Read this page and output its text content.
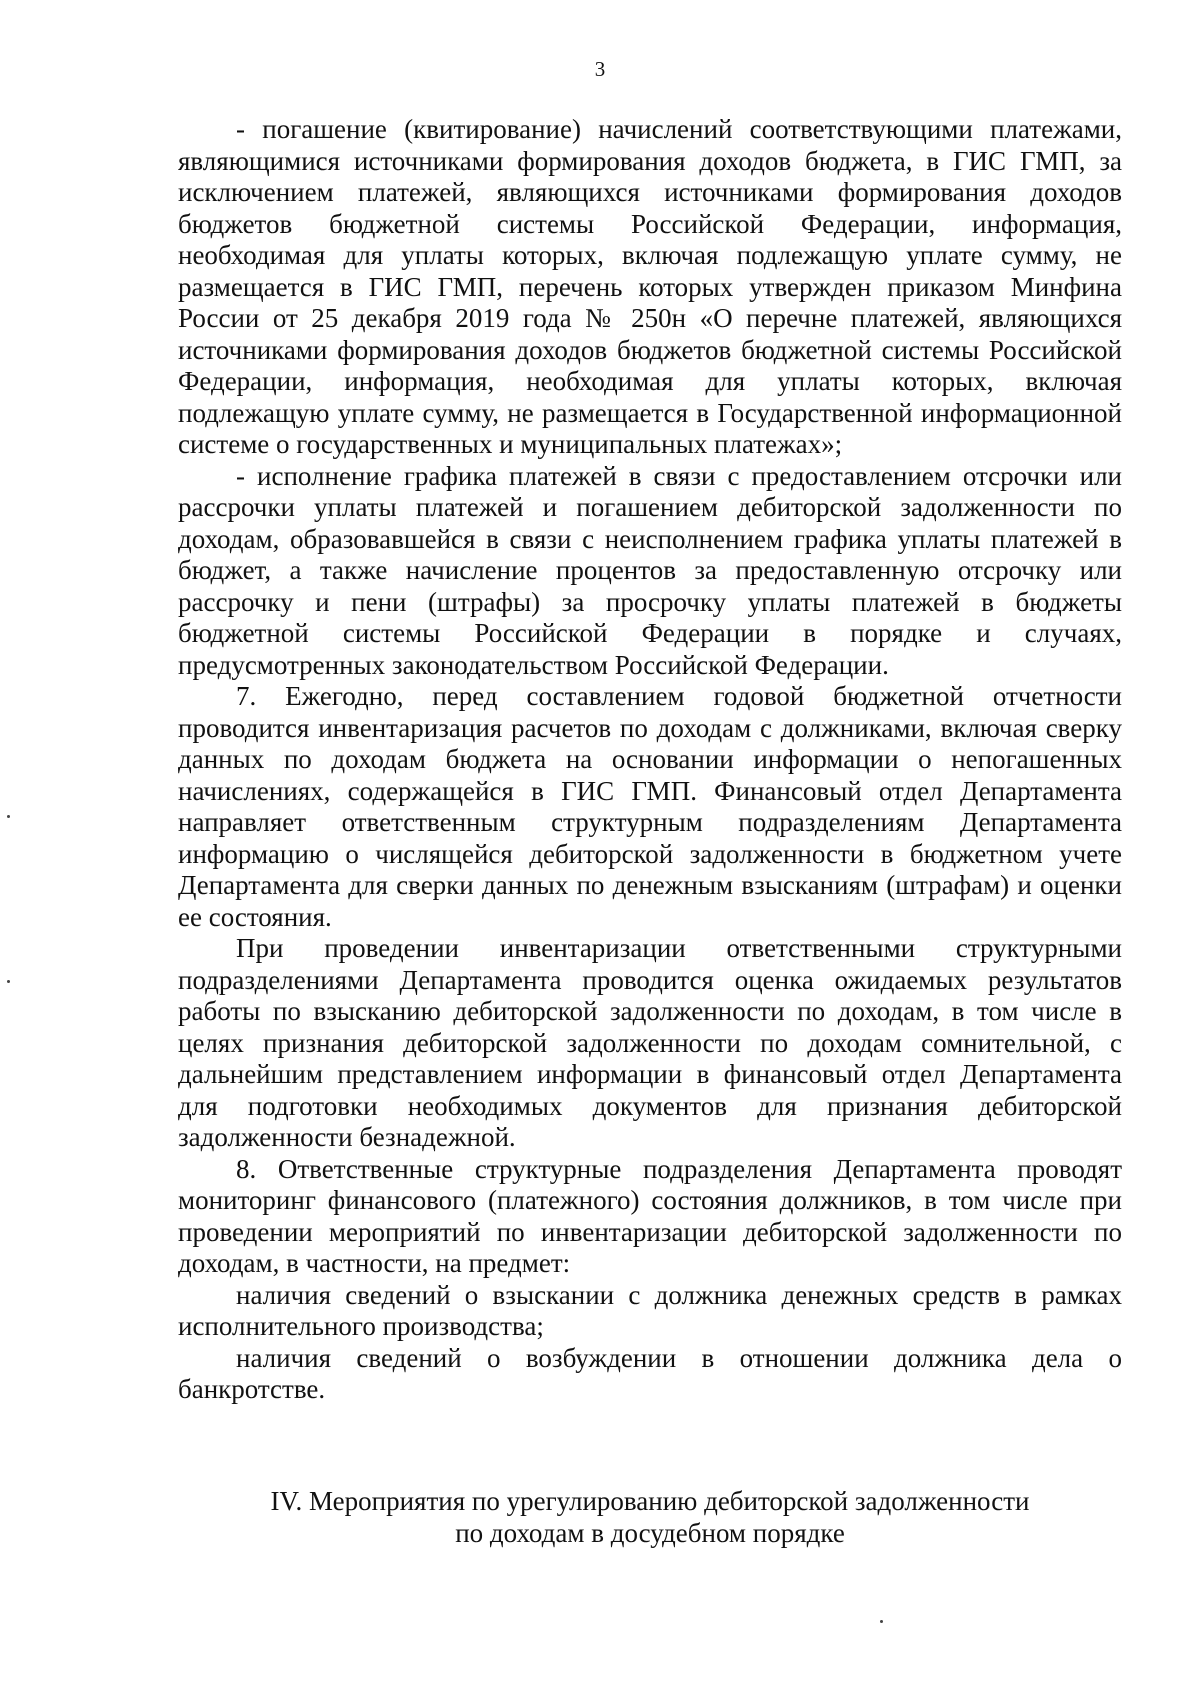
3

- погашение (квитирование) начислений соответствующими платежами, являющимися источниками формирования доходов бюджета, в ГИС ГМП, за исключением платежей, являющихся источниками формирования доходов бюджетов бюджетной системы Российской Федерации, информация, необходимая для уплаты которых, включая подлежащую уплате сумму, не размещается в ГИС ГМП, перечень которых утвержден приказом Минфина России от 25 декабря 2019 года № 250н «О перечне платежей, являющихся источниками формирования доходов бюджетов бюджетной системы Российской Федерации, информация, необходимая для уплаты которых, включая подлежащую уплате сумму, не размещается в Государственной информационной системе о государственных и муниципальных платежах»;

- исполнение графика платежей в связи с предоставлением отсрочки или рассрочки уплаты платежей и погашением дебиторской задолженности по доходам, образовавшейся в связи с неисполнением графика уплаты платежей в бюджет, а также начисление процентов за предоставленную отсрочку или рассрочку и пени (штрафы) за просрочку уплаты платежей в бюджеты бюджетной системы Российской Федерации в порядке и случаях, предусмотренных законодательством Российской Федерации.

7. Ежегодно, перед составлением годовой бюджетной отчетности проводится инвентаризация расчетов по доходам с должниками, включая сверку данных по доходам бюджета на основании информации о непогашенных начислениях, содержащейся в ГИС ГМП. Финансовый отдел Департамента направляет ответственным структурным подразделениям Департамента информацию о числящейся дебиторской задолженности в бюджетном учете Департамента для сверки данных по денежным взысканиям (штрафам) и оценки ее состояния.

При проведении инвентаризации ответственными структурными подразделениями Департамента проводится оценка ожидаемых результатов работы по взысканию дебиторской задолженности по доходам, в том числе в целях признания дебиторской задолженности по доходам сомнительной, с дальнейшим представлением информации в финансовый отдел Департамента для подготовки необходимых документов для признания дебиторской задолженности безнадежной.

8. Ответственные структурные подразделения Департамента проводят мониторинг финансового (платежного) состояния должников, в том числе при проведении мероприятий по инвентаризации дебиторской задолженности по доходам, в частности, на предмет:

наличия сведений о взыскании с должника денежных средств в рамках исполнительного производства;

наличия сведений о возбуждении в отношении должника дела о банкротстве.

IV. Мероприятия по урегулированию дебиторской задолженности
по доходам в досудебном порядке
